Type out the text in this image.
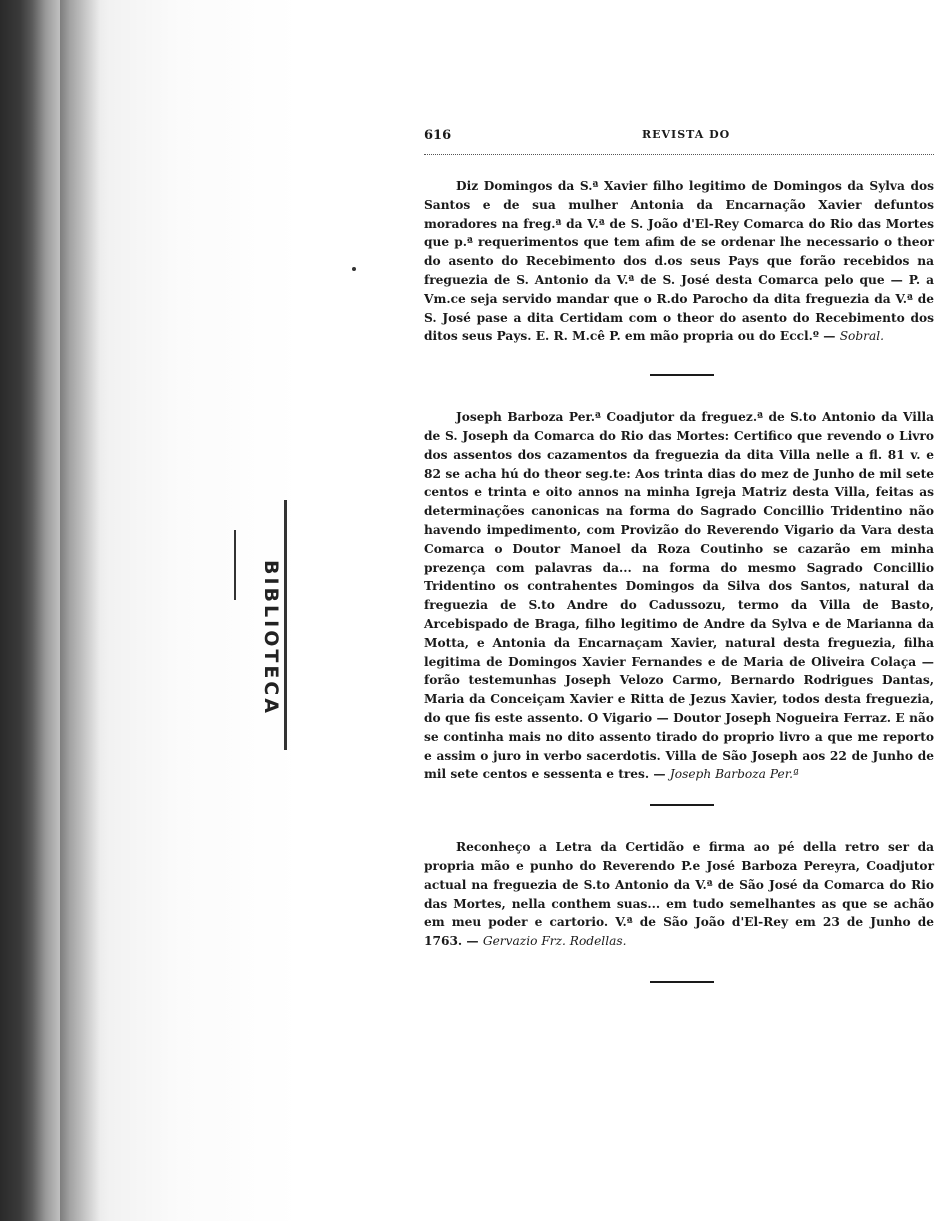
BIBLIOTECA
616	REVISTA DO

Diz Domingos da S.ª Xavier filho legitimo de Domingos da Sylva dos Santos e de sua mulher Antonia da Encarnação Xavier defuntos moradores na freg.ª da V.ª de S. João d'El-Rey Comarca do Rio das Mortes que p.ª requerimentos que tem afim de se ordenar lhe necessario o theor do asento do Recebimento dos d.os seus Pays que forão recebidos na freguezia de S. Antonio da V.ª de S. José desta Comarca pelo que — P. a Vm.ce seja servido mandar que o R.do Parocho da dita freguezia da V.ª de S. José pase a dita Certidam com o theor do asento do Recebimento dos ditos seus Pays. E. R. M.cê P. em mão propria ou do Eccl.º — Sobral.

Joseph Barboza Per.ª Coadjutor da freguez.ª de S.to Antonio da Villa de S. Joseph da Comarca do Rio das Mortes: Certifico que revendo o Livro dos assentos dos cazamentos da freguezia da dita Villa nelle a fl. 81 v. e 82 se acha hú do theor seg.te: Aos trinta dias do mez de Junho de mil sete centos e trinta e oito annos na minha Igreja Matriz desta Villa, feitas as determinações canonicas na forma do Sagrado Concillio Tridentino não havendo impedimento, com Provizão do Reverendo Vigario da Vara desta Comarca o Doutor Manoel da Roza Coutinho se cazarão em minha prezença com palavras da... na forma do mesmo Sagrado Concillio Tridentino os contrahentes Domingos da Silva dos Santos, natural da freguezia de S.to Andre do Cadussozu, termo da Villa de Basto, Arcebispado de Braga, filho legitimo de Andre da Sylva e de Marianna da Motta, e Antonia da Encarnaçam Xavier, natural desta freguezia, filha legitima de Domingos Xavier Fernandes e de Maria de Oliveira Colaça — forão testemunhas Joseph Velozo Carmo, Bernardo Rodrigues Dantas, Maria da Conceiçam Xavier e Ritta de Jezus Xavier, todos desta freguezia, do que fis este assento. O Vigario — Doutor Joseph Nogueira Ferraz. E não se continha mais no dito assento tirado do proprio livro a que me reporto e assim o juro in verbo sacerdotis. Villa de São Joseph aos 22 de Junho de mil sete centos e sessenta e tres. — Joseph Barboza Per.ª

Reconheço a Letra da Certidão e firma ao pé della retro ser da propria mão e punho do Reverendo P.e José Barboza Pereyra, Coadjutor actual na freguezia de S.to Antonio da V.ª de São José da Comarca do Rio das Mortes, nella conthem suas... em tudo semelhantes as que se achão em meu poder e cartorio. V.ª de São João d'El-Rey em 23 de Junho de 1763. — Gervazio Frz. Rodellas.
